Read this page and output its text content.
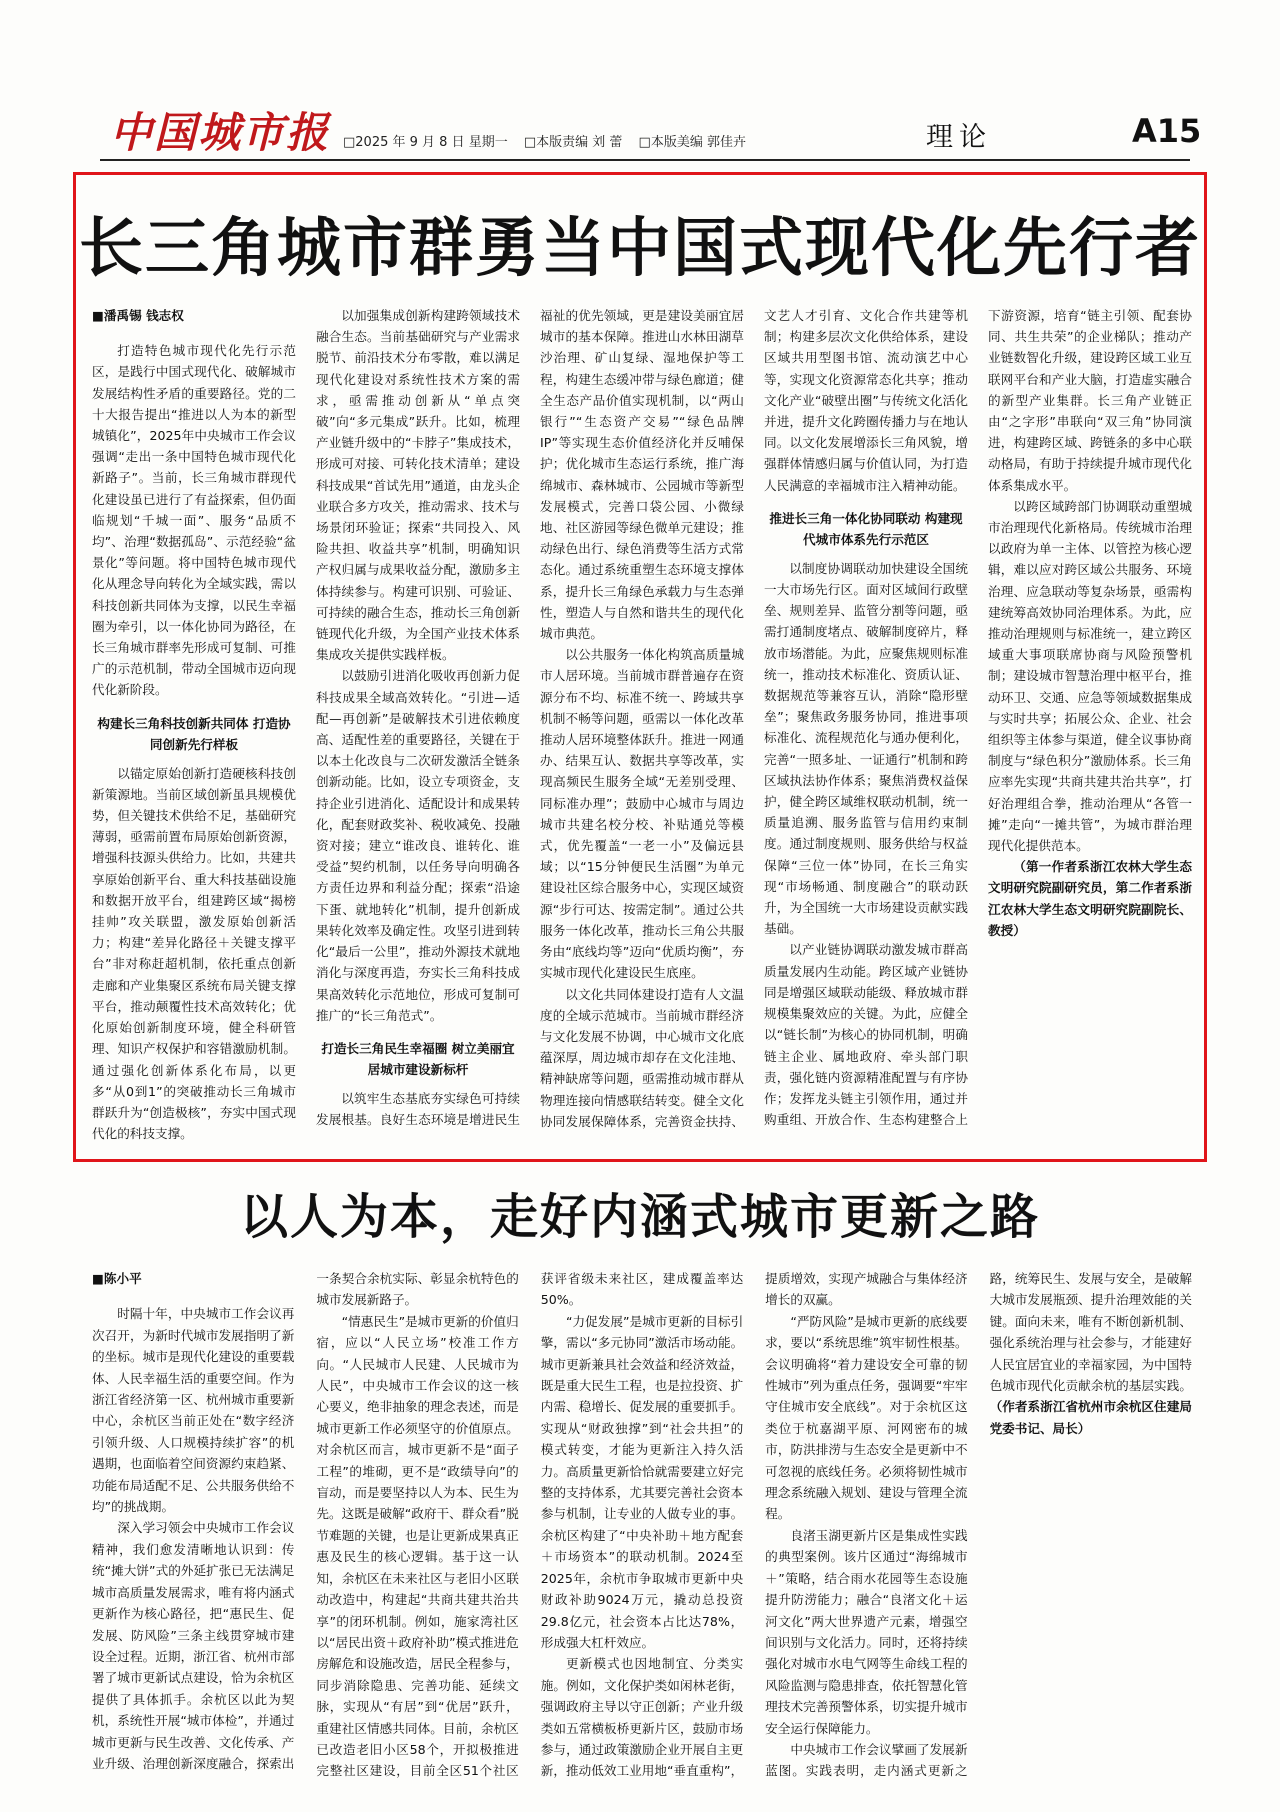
中国城市报 □2025 年 9 月 8 日 星期一 □本版责编 刘 蕾 □本版美编 郭佳卉	理论	A15
长三角城市群勇当中国式现代化先行者

■潘禹锡 钱志权

打造特色城市现代化先行示范区，是践行中国式现代化、破解城市发展结构性矛盾的重要路径。党的二十大报告提出“推进以人为本的新型城镇化”，2025年中央城市工作会议强调“走出一条中国特色城市现代化新路子”。当前，长三角城市群现代化建设虽已进行了有益探索，但仍面临规划“千城一面”、服务“品质不均”、治理“数据孤岛”、示范经验“盆景化”等问题。将中国特色城市现代化从理念导向转化为全域实践，需以科技创新共同体为支撑，以民生幸福圈为牵引，以一体化协同为路径，在长三角城市群率先形成可复制、可推广的示范机制，带动全国城市迈向现代化新阶段。

构建长三角科技创新共同体 打造协同创新先行样板

以锚定原始创新打造硬核科技创新策源地。当前区域创新虽具规模优势，但关键技术供给不足，基础研究薄弱，亟需前置布局原始创新资源，增强科技源头供给力。比如，共建共享原始创新平台、重大科技基础设施和数据开放平台，组建跨区域“揭榜挂帅”攻关联盟，激发原始创新活力；构建“差异化路径＋关键支撑平台”非对称赶超机制，依托重点创新走廊和产业集聚区系统布局关键支撑平台，推动颠覆性技术高效转化；优化原始创新制度环境，健全科研管理、知识产权保护和容错激励机制。通过强化创新体系化布局，以更多“从0到1”的突破推动长三角城市群跃升为“创造极核”，夯实中国式现代化的科技支撑。

以加强集成创新构建跨领域技术融合生态。当前基础研究与产业需求脱节、前沿技术分布零散，难以满足现代化建设对系统性技术方案的需求，亟需推动创新从“单点突破”向“多元集成”跃升。比如，梳理产业链升级中的“卡脖子”集成技术，形成可对接、可转化技术清单；建设科技成果“首试先用”通道，由龙头企业联合多方攻关，推动需求、技术与场景闭环验证；探索“共同投入、风险共担、收益共享”机制，明确知识产权归属与成果收益分配，激励多主体持续参与。构建可识别、可验证、可持续的融合生态，推动长三角创新链现代化升级，为全国产业技术体系集成攻关提供实践样板。

以鼓励引进消化吸收再创新力促科技成果全域高效转化。“引进—适配—再创新”是破解技术引进依赖度高、适配性差的重要路径，关键在于以本土化改良与二次研发激活全链条创新动能。比如，设立专项资金，支持企业引进消化、适配设计和成果转化，配套财政奖补、税收减免、投融资对接；建立“谁改良、谁转化、谁受益”契约机制，以任务导向明确各方责任边界和利益分配；探索“沿途下蛋、就地转化”机制，提升创新成果转化效率及确定性。攻坚引进到转化“最后一公里”，推动外源技术就地消化与深度再造，夯实长三角科技成果高效转化示范地位，形成可复制可推广的“长三角范式”。

打造长三角民生幸福圈 树立美丽宜居城市建设新标杆

以筑牢生态基底夯实绿色可持续发展根基。良好生态环境是增进民生福祉的优先领域，更是建设美丽宜居城市的基本保障。推进山水林田湖草沙治理、矿山复绿、湿地保护等工程，构建生态缓冲带与绿色廊道；健全生态产品价值实现机制，以“两山银行”“生态资产交易”“绿色品牌IP”等实现生态价值经济化并反哺保护；优化城市生态运行系统，推广海绵城市、森林城市、公园城市等新型发展模式，完善口袋公园、小微绿地、社区游园等绿色微单元建设；推动绿色出行、绿色消费等生活方式常态化。通过系统重塑生态环境支撑体系，提升长三角绿色承载力与生态弹性，塑造人与自然和谐共生的现代化城市典范。

以公共服务一体化构筑高质量城市人居环境。当前城市群普遍存在资源分布不均、标准不统一、跨域共享机制不畅等问题，亟需以一体化改革推动人居环境整体跃升。推进一网通办、结果互认、数据共享等改革，实现高频民生服务全域“无差别受理、同标准办理”；鼓励中心城市与周边城市共建名校分校、补贴通兑等模式，优先覆盖“一老一小”及偏远县域；以“15分钟便民生活圈”为单元建设社区综合服务中心，实现区域资源“步行可达、按需定制”。通过公共服务一体化改革，推动长三角公共服务由“底线均等”迈向“优质均衡”，夯实城市现代化建设民生底座。

以文化共同体建设打造有人文温度的全域示范城市。当前城市群经济与文化发展不协调，中心城市文化底蕴深厚，周边城市却存在文化洼地、精神缺席等问题，亟需推动城市群从物理连接向情感联结转变。健全文化协同发展保障体系，完善资金扶持、文艺人才引育、文化合作共建等机制；构建多层次文化供给体系，建设区域共用型图书馆、流动演艺中心等，实现文化资源常态化共享；推动文化产业“破壁出圈”与传统文化活化并进，提升文化跨圈传播力与在地认同。以文化发展增添长三角风貌，增强群体情感归属与价值认同，为打造人民满意的幸福城市注入精神动能。

推进长三角一体化协同联动 构建现代城市体系先行示范区

以制度协调联动加快建设全国统一大市场先行区。面对区域间行政壁垒、规则差异、监管分割等问题，亟需打通制度堵点、破解制度碎片，释放市场潜能。为此，应聚焦规则标准统一，推动技术标准化、资质认证、数据规范等兼容互认，消除“隐形壁垒”；聚焦政务服务协同，推进事项标准化、流程规范化与通办便利化，完善“一照多址、一证通行”机制和跨区域执法协作体系；聚焦消费权益保护，健全跨区域维权联动机制，统一质量追溯、服务监管与信用约束制度。通过制度规则、服务供给与权益保障“三位一体”协同，在长三角实现“市场畅通、制度融合”的联动跃升，为全国统一大市场建设贡献实践基础。

以产业链协调联动激发城市群高质量发展内生动能。跨区域产业链协同是增强区域联动能级、释放城市群规模集聚效应的关键。为此，应健全以“链长制”为核心的协同机制，明确链主企业、属地政府、牵头部门职责，强化链内资源精准配置与有序协作；发挥龙头链主引领作用，通过并购重组、开放合作、生态构建整合上下游资源，培育“链主引领、配套协同、共生共荣”的企业梯队；推动产业链数智化升级，建设跨区域工业互联网平台和产业大脑，打造虚实融合的新型产业集群。长三角产业链正由“之字形”串联向“双三角”协同演进，构建跨区域、跨链条的多中心联动格局，有助于持续提升城市现代化体系集成水平。

以跨区域跨部门协调联动重塑城市治理现代化新格局。传统城市治理以政府为单一主体、以管控为核心逻辑，难以应对跨区域公共服务、环境治理、应急联动等复杂场景，亟需构建统筹高效协同治理体系。为此，应推动治理规则与标准统一，建立跨区域重大事项联席协商与风险预警机制；建设城市智慧治理中枢平台，推动环卫、交通、应急等领域数据集成与实时共享；拓展公众、企业、社会组织等主体参与渠道，健全议事协商制度与“绿色积分”激励体系。长三角应率先实现“共商共建共治共享”，打好治理组合拳，推动治理从“各管一摊”走向“一摊共管”，为城市群治理现代化提供范本。

（第一作者系浙江农林大学生态文明研究院副研究员，第二作者系浙江农林大学生态文明研究院副院长、教授）

以人为本，走好内涵式城市更新之路

■陈小平

时隔十年，中央城市工作会议再次召开，为新时代城市发展指明了新的坐标。城市是现代化建设的重要载体、人民幸福生活的重要空间。作为浙江省经济第一区、杭州城市重要新中心，余杭区当前正处在“数字经济引领升级、人口规模持续扩容”的机遇期，也面临着空间资源约束趋紧、功能布局适配不足、公共服务供给不均”的挑战期。

深入学习领会中央城市工作会议精神，我们愈发清晰地认识到：传统“摊大饼”式的外延扩张已无法满足城市高质量发展需求，唯有将内涵式更新作为核心路径，把“惠民生、促发展、防风险”三条主线贯穿城市建设全过程。近期，浙江省、杭州市部署了城市更新试点建设，恰为余杭区提供了具体抓手。余杭区以此为契机，系统性开展“城市体检”，并通过城市更新与民生改善、文化传承、产业升级、治理创新深度融合，探索出一条契合余杭实际、彰显余杭特色的城市发展新路子。

“情惠民生”是城市更新的价值归宿，应以“人民立场”校准工作方向。“人民城市人民建、人民城市为人民”，中央城市工作会议的这一核心要义，绝非抽象的理念表述，而是城市更新工作必须坚守的价值原点。对余杭区而言，城市更新不是“面子工程”的堆砌，更不是“政绩导向”的盲动，而是要坚持以人为本、民生为先。这既是破解“政府干、群众看”脱节难题的关键，也是让更新成果真正惠及民生的核心逻辑。基于这一认知，余杭区在未来社区与老旧小区联动改造中，构建起“共商共建共治共享”的闭环机制。例如，施家湾社区以“居民出资＋政府补助”模式推进危房解危和设施改造，居民全程参与，同步消除隐患、完善功能、延续文脉，实现从“有居”到“优居”跃升，重建社区情感共同体。目前，余杭区已改造老旧小区58个，开拟极推进完整社区建设，目前全区51个社区获评省级未来社区，建成覆盖率达50%。

“力促发展”是城市更新的目标引擎，需以“多元协同”激活市场动能。城市更新兼具社会效益和经济效益，既是重大民生工程，也是拉投资、扩内需、稳增长、促发展的重要抓手。实现从“财政独撑”到“社会共担”的模式转变，才能为更新注入持久活力。高质量更新恰恰就需要建立好完整的支持体系，尤其要完善社会资本参与机制，让专业的人做专业的事。余杭区构建了“中央补助＋地方配套＋市场资本”的联动机制。2024至2025年，余杭市争取城市更新中央财政补助9024万元，撬动总投资29.8亿元，社会资本占比达78%，形成强大杠杆效应。

更新模式也因地制宜、分类实施。例如，文化保护类如闲林老街，强调政府主导以守正创新；产业升级类如五常横板桥更新片区，鼓励市场参与，通过政策激励企业开展自主更新，推动低效工业用地“垂直重构”，提质增效，实现产城融合与集体经济增长的双赢。

“严防风险”是城市更新的底线要求，要以“系统思维”筑牢韧性根基。会议明确将“着力建设安全可靠的韧性城市”列为重点任务，强调要“牢牢守住城市安全底线”。对于余杭区这类位于杭嘉湖平原、河网密布的城市，防洪排涝与生态安全是更新中不可忽视的底线任务。必须将韧性城市理念系统融入规划、建设与管理全流程。

良渚玉湖更新片区是集成性实践的典型案例。该片区通过“海绵城市＋”策略，结合雨水花园等生态设施提升防涝能力；融合“良渚文化＋运河文化”两大世界遗产元素，增强空间识别与文化活力。同时，还将持续强化对城市水电气网等生命线工程的风险监测与隐患排查，依托智慧化管理技术完善预警体系，切实提升城市安全运行保障能力。

中央城市工作会议擘画了发展新蓝图。实践表明，走内涵式更新之路，统筹民生、发展与安全，是破解大城市发展瓶颈、提升治理效能的关键。面向未来，唯有不断创新机制、强化系统治理与社会参与，才能建好人民宜居宜业的幸福家园，为中国特色城市现代化贡献余杭的基层实践。（作者系浙江省杭州市余杭区住建局党委书记、局长）
